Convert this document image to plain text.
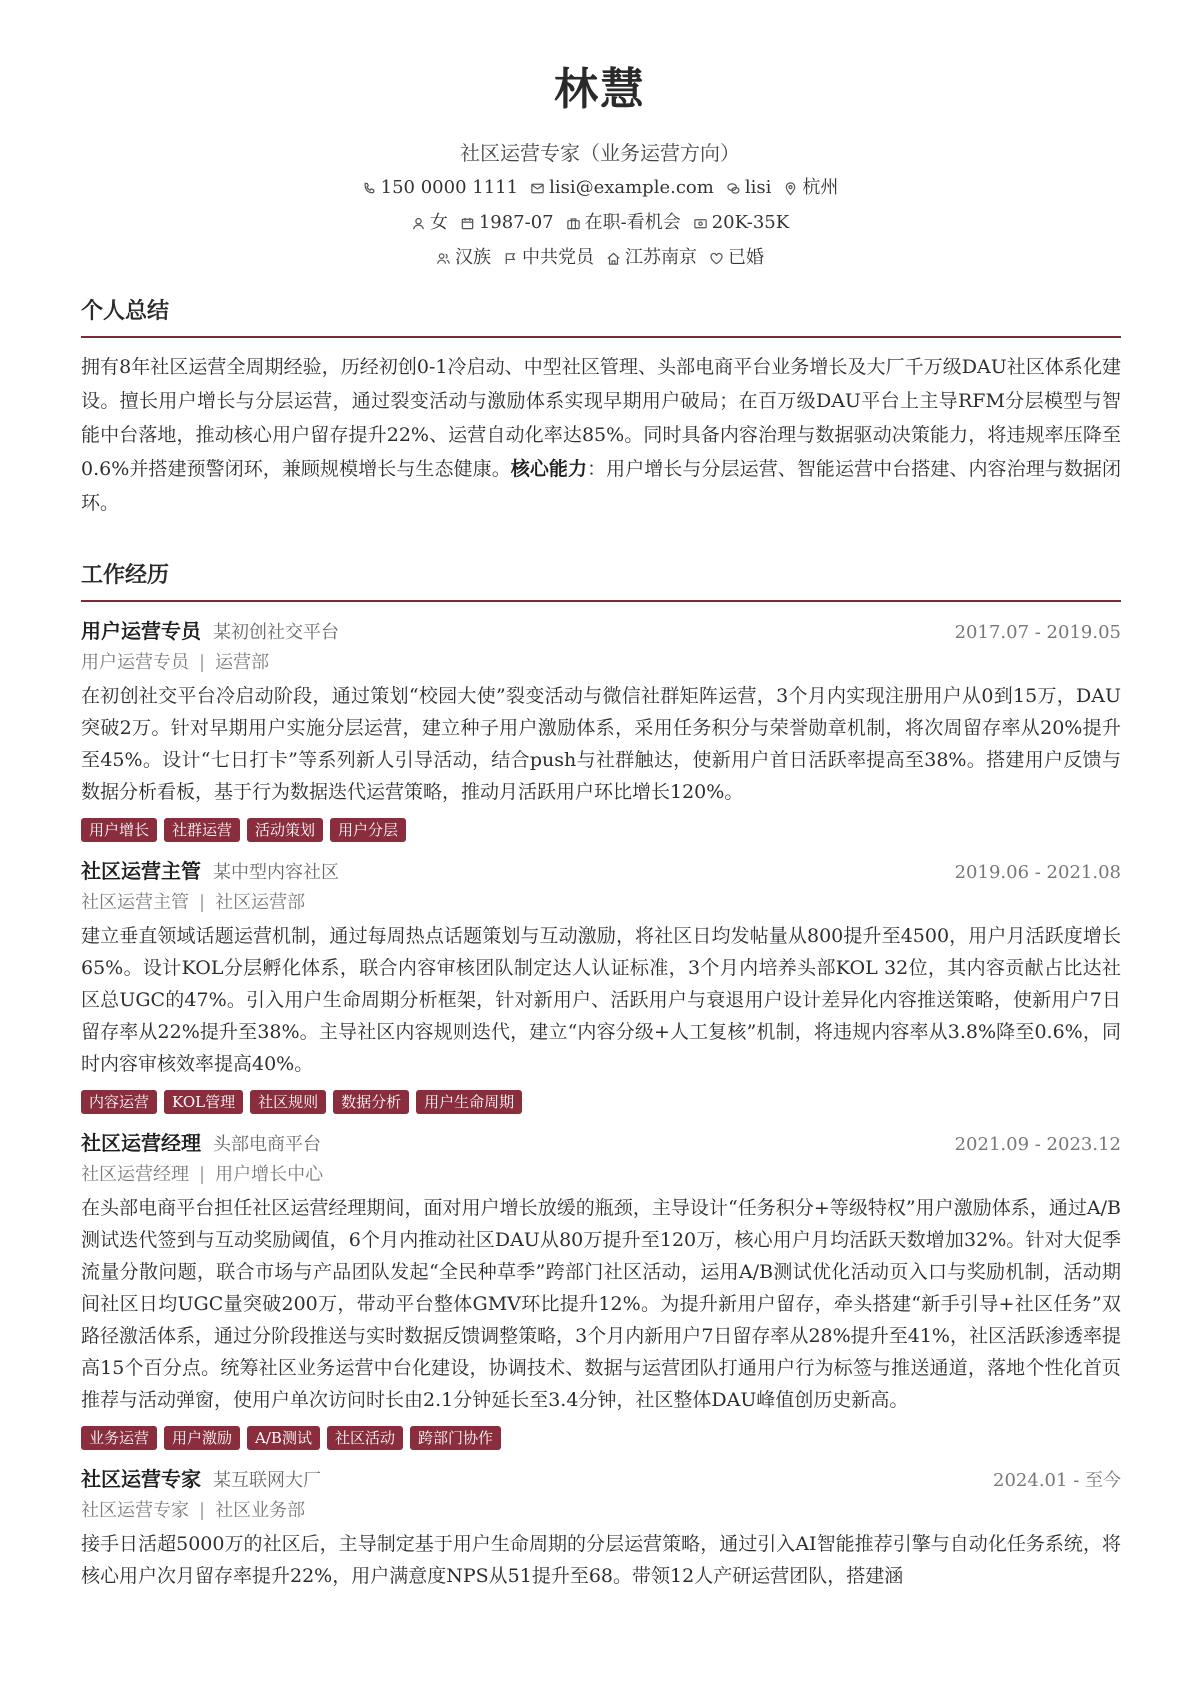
林慧
社区运营专家（业务运营方向）
150 0000 1111 lisi@example.com lisi 杭州
女 1987-07 在职-看机会 20K-35K
汉族 中共党员 江苏南京 已婚
个人总结
拥有8年社区运营全周期经验，历经初创0-1冷启动、中型社区管理、头部电商平台业务增长及大厂千万级DAU社区体系化建设。擅长用户增长与分层运营，通过裂变活动与激励体系实现早期用户破局；在百万级DAU平台上主导RFM分层模型与智能中台落地，推动核心用户留存提升22%、运营自动化率达85%。同时具备内容治理与数据驱动决策能力，将违规率压降至0.6%并搭建预警闭环，兼顾规模增长与生态健康。核心能力：用户增长与分层运营、智能运营中台搭建、内容治理与数据闭环。
工作经历
用户运营专员 某初创社交平台	2017.07 - 2019.05
用户运营专员 | 运营部
在初创社交平台冷启动阶段，通过策划“校园大使”裂变活动与微信社群矩阵运营，3个月内实现注册用户从0到15万，DAU突破2万。针对早期用户实施分层运营，建立种子用户激励体系，采用任务积分与荣誉勋章机制，将次周留存率从20%提升至45%。设计“七日打卡”等系列新人引导活动，结合push与社群触达，使新用户首日活跃率提高至38%。搭建用户反馈与数据分析看板，基于行为数据迭代运营策略，推动月活跃用户环比增长120%。
用户增长	社群运营	活动策划	用户分层
社区运营主管 某中型内容社区	2019.06 - 2021.08
社区运营主管 | 社区运营部
建立垂直领域话题运营机制，通过每周热点话题策划与互动激励，将社区日均发帖量从800提升至4500，用户月活跃度增长65%。设计KOL分层孵化体系，联合内容审核团队制定达人认证标准，3个月内培养头部KOL 32位，其内容贡献占比达社区总UGC的47%。引入用户生命周期分析框架，针对新用户、活跃用户与衰退用户设计差异化内容推送策略，使新用户7日留存率从22%提升至38%。主导社区内容规则迭代，建立“内容分级+人工复核”机制，将违规内容率从3.8%降至0.6%，同时内容审核效率提高40%。
内容运营	KOL管理	社区规则	数据分析	用户生命周期
社区运营经理 头部电商平台	2021.09 - 2023.12
社区运营经理 | 用户增长中心
在头部电商平台担任社区运营经理期间，面对用户增长放缓的瓶颈，主导设计“任务积分+等级特权”用户激励体系，通过A/B测试迭代签到与互动奖励阈值，6个月内推动社区DAU从80万提升至120万，核心用户月均活跃天数增加32%。针对大促季流量分散问题，联合市场与产品团队发起“全民种草季”跨部门社区活动，运用A/B测试优化活动页入口与奖励机制，活动期间社区日均UGC量突破200万，带动平台整体GMV环比提升12%。为提升新用户留存，牵头搭建“新手引导+社区任务”双路径激活体系，通过分阶段推送与实时数据反馈调整策略，3个月内新用户7日留存率从28%提升至41%，社区活跃渗透率提高15个百分点。统筹社区业务运营中台化建设，协调技术、数据与运营团队打通用户行为标签与推送通道，落地个性化首页推荐与活动弹窗，使用户单次访问时长由2.1分钟延长至3.4分钟，社区整体DAU峰值创历史新高。
业务运营	用户激励	A/B测试	社区活动	跨部门协作
社区运营专家 某互联网大厂	2024.01 - 至今
社区运营专家 | 社区业务部
接手日活超5000万的社区后，主导制定基于用户生命周期的分层运营策略，通过引入AI智能推荐引擎与自动化任务系统，将核心用户次月留存率提升22%，用户满意度NPS从51提升至68。带领12人产研运营团队，搭建涵
